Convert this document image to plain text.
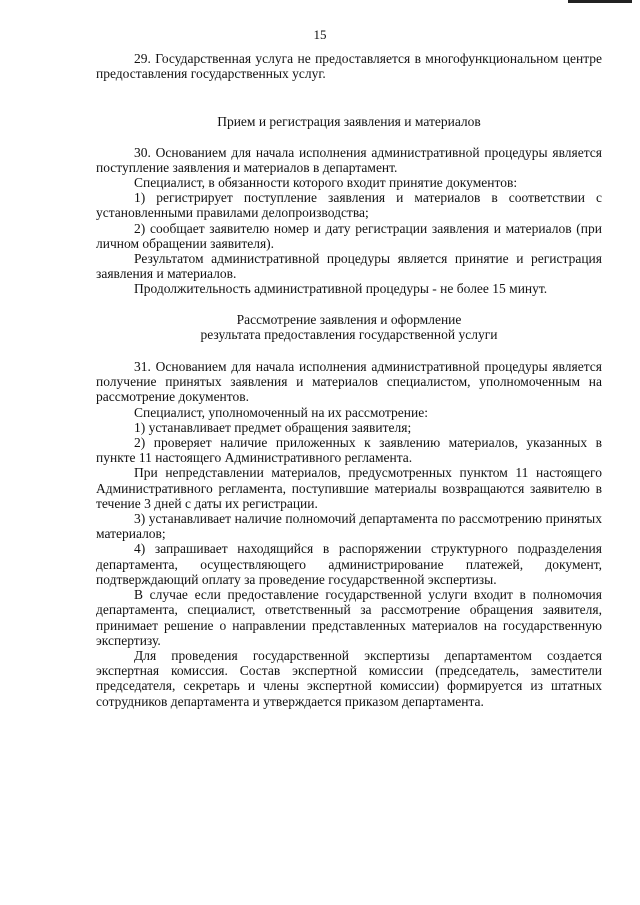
15

29. Государственная услуга не предоставляется в многофункциональном центре предоставления государственных услуг.

Прием и регистрация заявления и материалов

30. Основанием для начала исполнения административной процедуры является поступление заявления и материалов в департамент.

Специалист, в обязанности которого входит принятие документов:

1) регистрирует поступление заявления и материалов в соответствии с установленными правилами делопроизводства;

2) сообщает заявителю номер и дату регистрации заявления и материалов (при личном обращении заявителя).

Результатом административной процедуры является принятие и регистрация заявления и материалов.

Продолжительность административной процедуры - не более 15 минут.

Рассмотрение заявления и оформление
результата предоставления государственной услуги

31. Основанием для начала исполнения административной процедуры является получение принятых заявления и материалов специалистом, уполномоченным на рассмотрение документов.

Специалист, уполномоченный на их рассмотрение:

1) устанавливает предмет обращения заявителя;

2) проверяет наличие приложенных к заявлению материалов, указанных в пункте 11 настоящего Административного регламента.

При непредставлении материалов, предусмотренных пунктом 11 настоящего Административного регламента, поступившие материалы возвращаются заявителю в течение 3 дней с даты их регистрации.

3) устанавливает наличие полномочий департамента по рассмотрению принятых материалов;

4) запрашивает находящийся в распоряжении структурного подразделения департамента, осуществляющего администрирование платежей, документ, подтверждающий оплату за проведение государственной экспертизы.

В случае если предоставление государственной услуги входит в полномочия департамента, специалист, ответственный за рассмотрение обращения заявителя, принимает решение о направлении представленных материалов на государственную экспертизу.

Для проведения государственной экспертизы департаментом создается экспертная комиссия. Состав экспертной комиссии (председатель, заместители председателя, секретарь и члены экспертной комиссии) формируется из штатных сотрудников департамента и утверждается приказом департамента.
